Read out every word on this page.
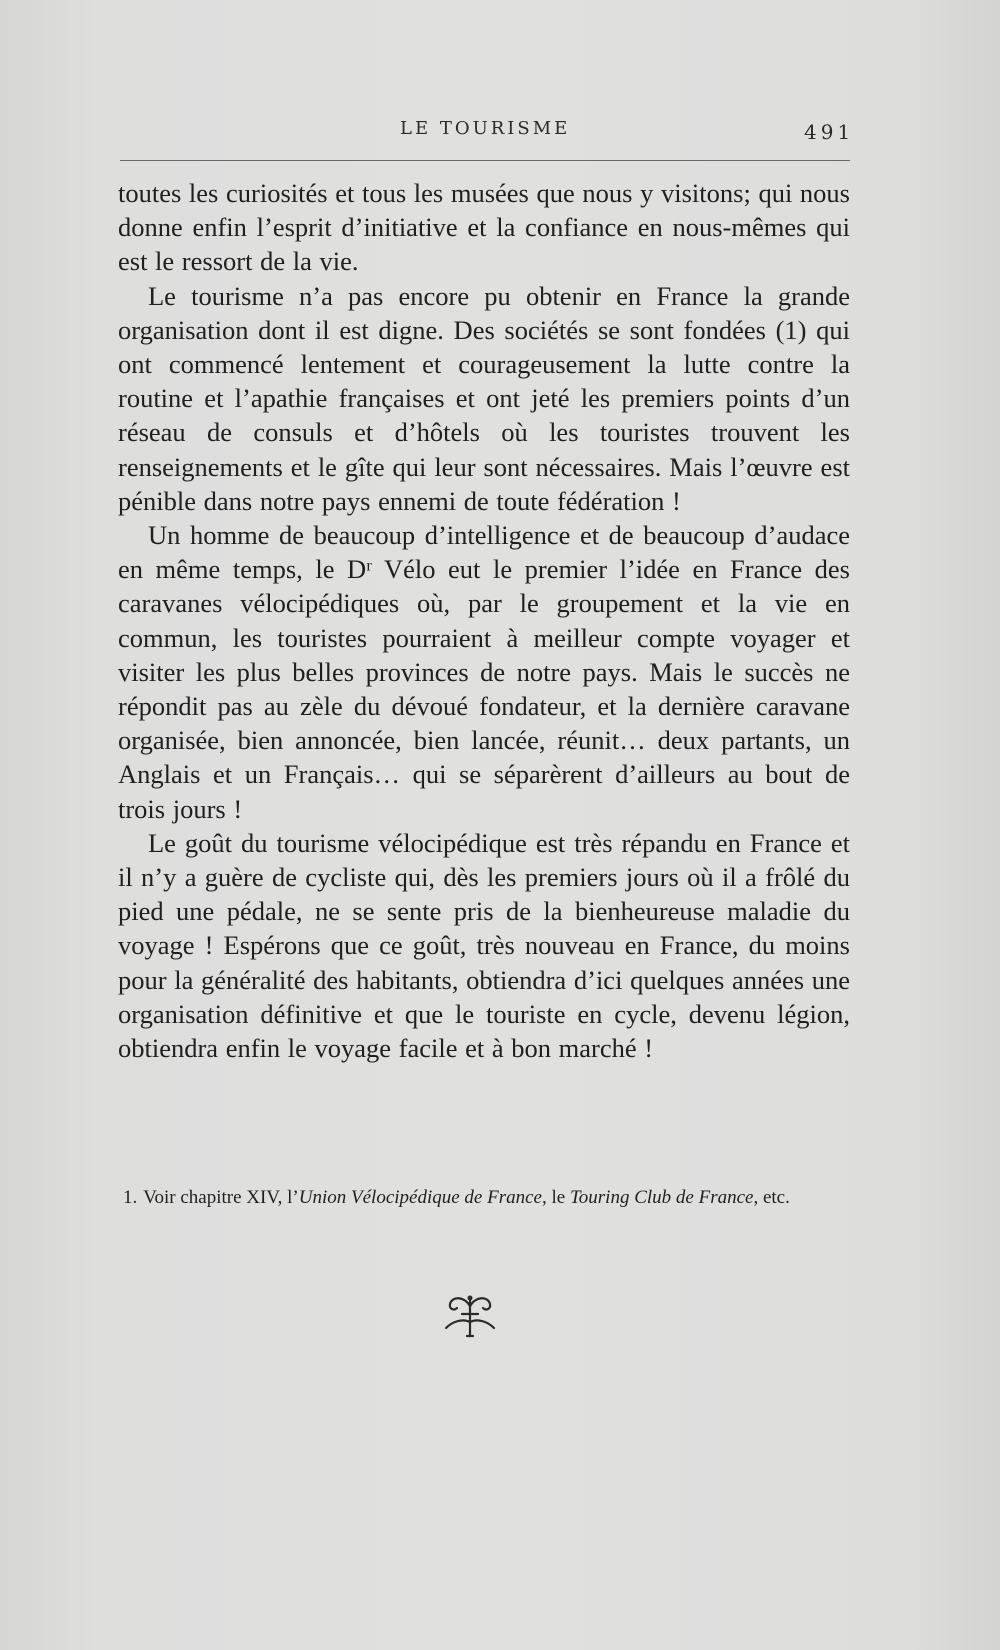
LE TOURISME	491

toutes les curiosités et tous les musées que nous y visitons; qui nous donne enfin l’esprit d’initiative et la confiance en nous-mêmes qui est le ressort de la vie.

Le tourisme n’a pas encore pu obtenir en France la grande organisation dont il est digne. Des sociétés se sont fondées (1) qui ont commencé lentement et courageusement la lutte contre la routine et l’apathie françaises et ont jeté les premiers points d’un réseau de consuls et d’hôtels où les touristes trouvent les renseignements et le gîte qui leur sont nécessaires. Mais l’œuvre est pénible dans notre pays ennemi de toute fédération !

Un homme de beaucoup d’intelligence et de beaucoup d’audace en même temps, le Dʳ Vélo eut le premier l’idée en France des caravanes vélocipédiques où, par le groupement et la vie en commun, les touristes pourraient à meilleur compte voyager et visiter les plus belles provinces de notre pays. Mais le succès ne répondit pas au zèle du dévoué fondateur, et la dernière caravane organisée, bien annoncée, bien lancée, réunit… deux partants, un Anglais et un Français… qui se séparèrent d’ailleurs au bout de trois jours !

Le goût du tourisme vélocipédique est très répandu en France et il n’y a guère de cycliste qui, dès les premiers jours où il a frôlé du pied une pédale, ne se sente pris de la bienheureuse maladie du voyage ! Espérons que ce goût, très nouveau en France, du moins pour la généralité des habitants, obtiendra d’ici quelques années une organisation définitive et que le touriste en cycle, devenu légion, obtiendra enfin le voyage facile et à bon marché !

1. Voir chapitre XIV, l’Union Vélocipédique de France, le Touring Club de France, etc.
